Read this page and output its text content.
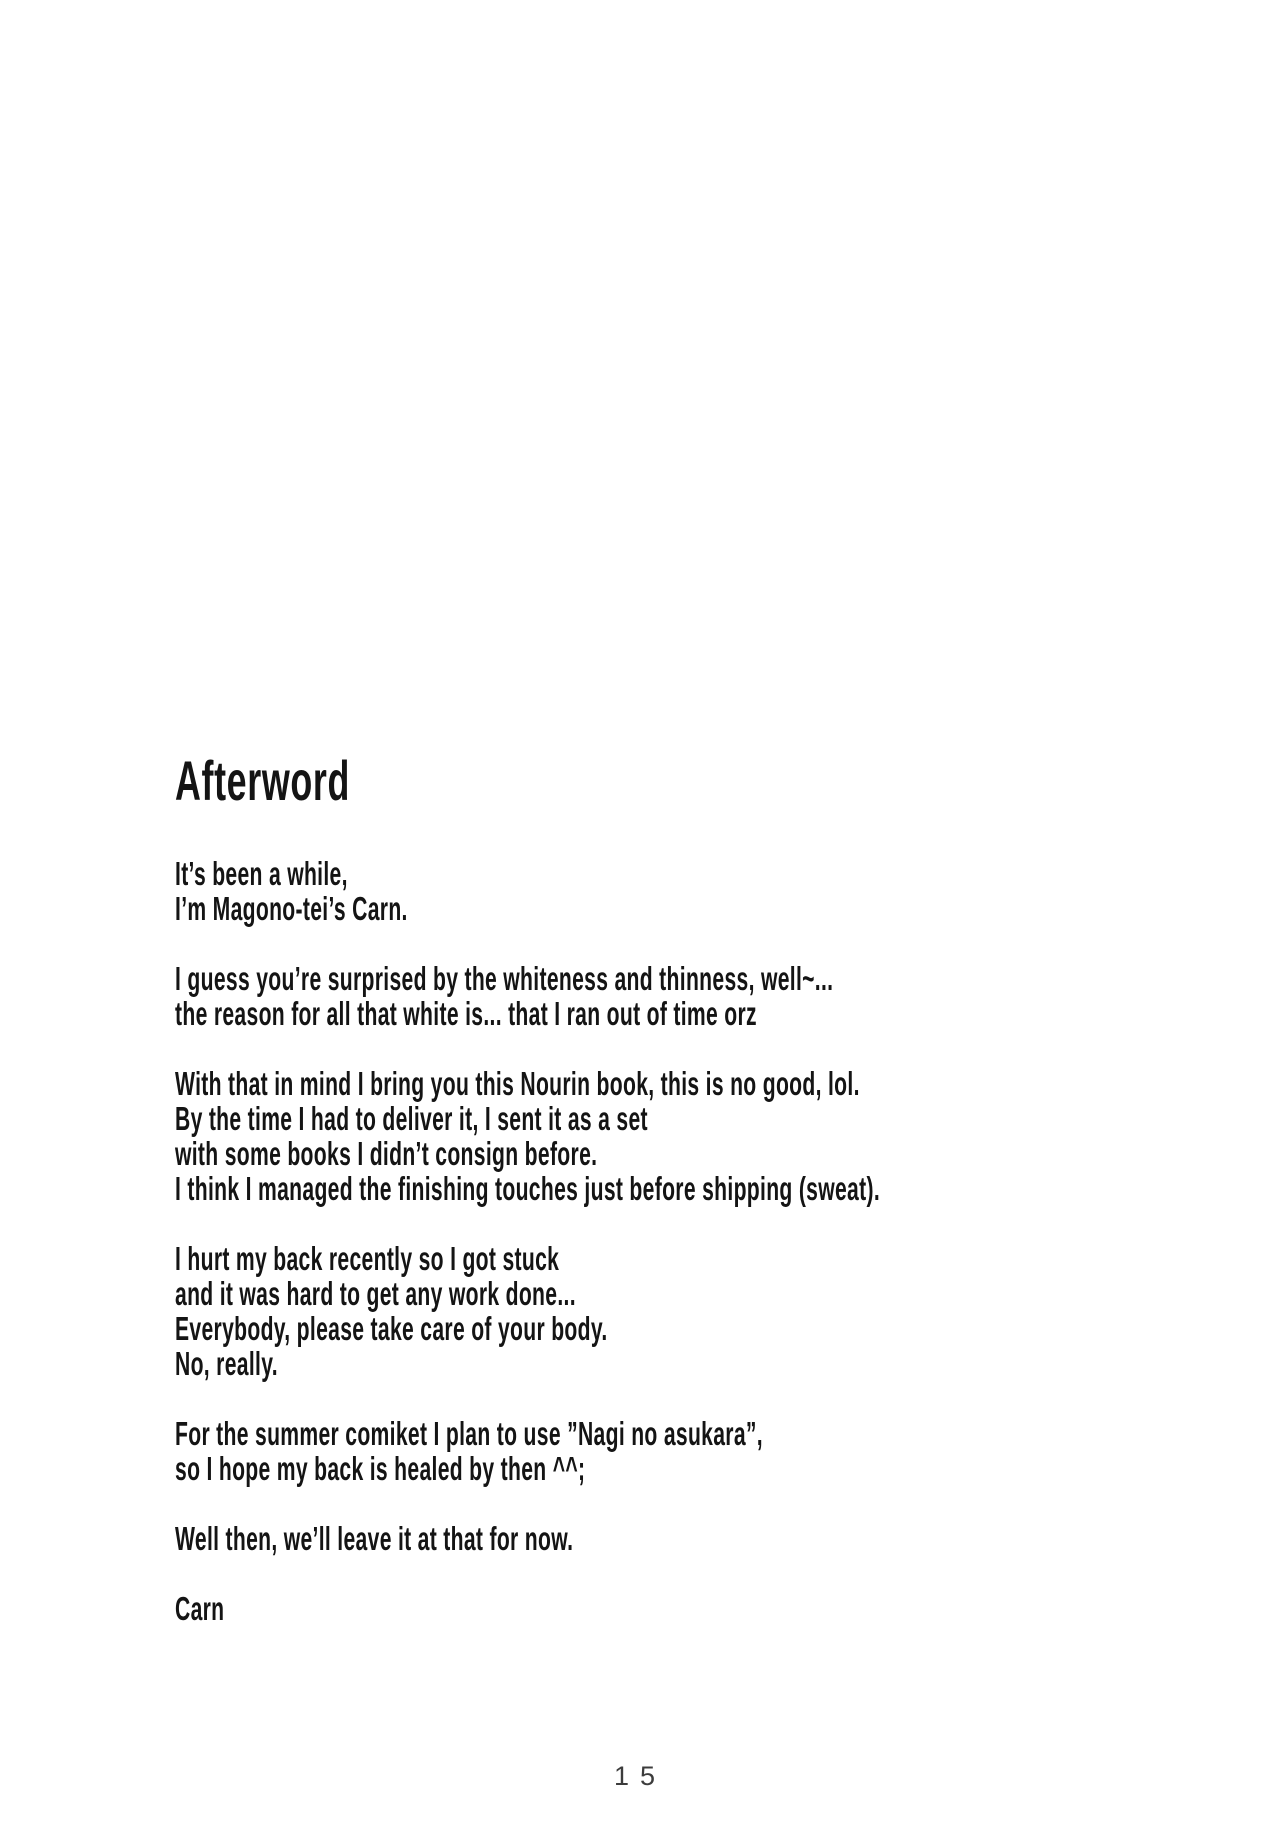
Afterword

It’s been a while,
I’m Magono-tei’s Carn.

I guess you’re surprised by the whiteness and thinness, well~...
the reason for all that white is... that I ran out of time orz

With that in mind I bring you this Nourin book, this is no good, lol.
By the time I had to deliver it, I sent it as a set
with some books I didn’t consign before.
I think I managed the finishing touches just before shipping (sweat).

I hurt my back recently so I got stuck
and it was hard to get any work done...
Everybody, please take care of your body.
No, really.

For the summer comiket I plan to use ”Nagi no asukara”,
so I hope my back is healed by then ^^;

Well then, we’ll leave it at that for now.

Carn

15
